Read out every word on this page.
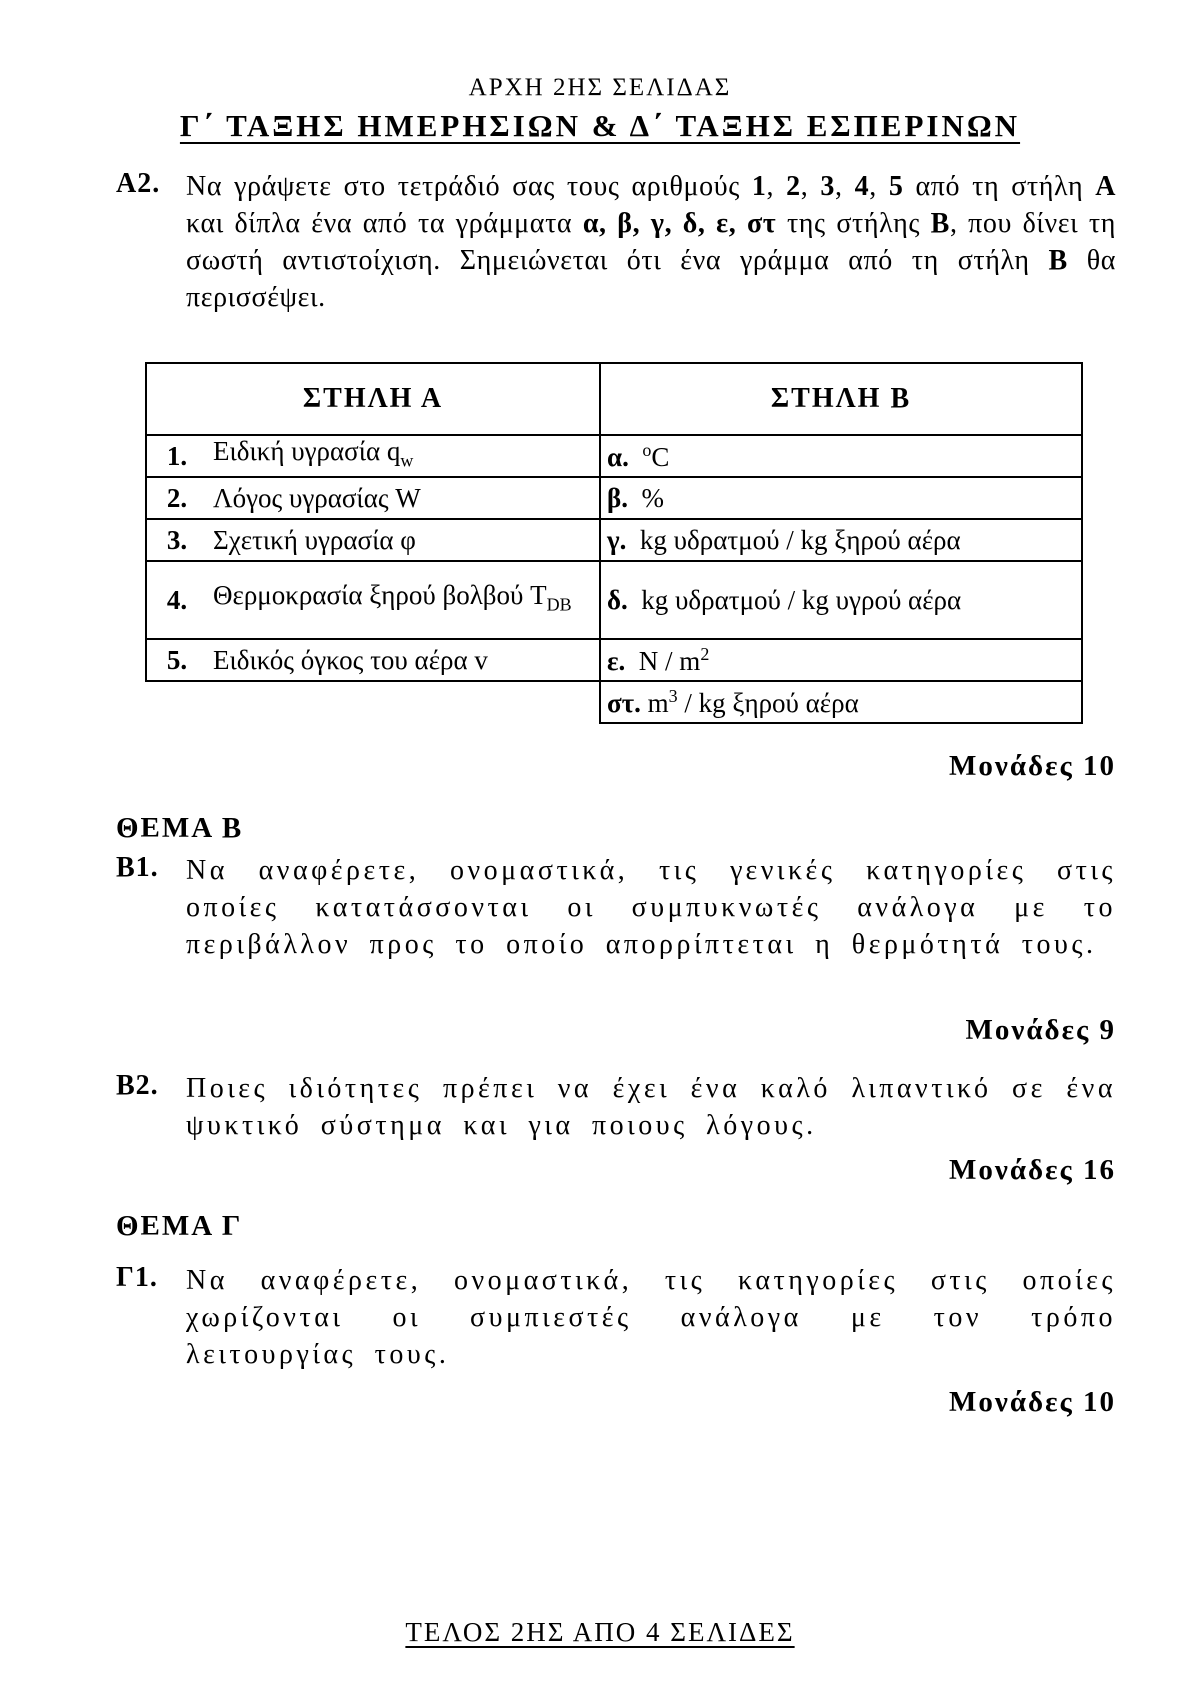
ΑΡΧΗ 2ΗΣ ΣΕΛΙΔΑΣ
Γ΄ ΤΑΞΗΣ ΗΜΕΡΗΣΙΩΝ & Δ΄ ΤΑΞΗΣ ΕΣΠΕΡΙΝΩΝ
Α2. Να γράψετε στο τετράδιό σας τους αριθμούς 1, 2, 3, 4, 5 από τη στήλη Α και δίπλα ένα από τα γράμματα α, β, γ, δ, ε, στ της στήλης Β, που δίνει τη σωστή αντιστοίχιση. Σημειώνεται ότι ένα γράμμα από τη στήλη Β θα περισσέψει.
ΣΤΗΛΗ Α		ΣΤΗΛΗ Β
1.	Ειδική υγρασία $q_w$	α. $^o$C
2.	Λόγος υγρασίας W	β. %
3.	Σχετική υγρασία φ	γ. kg υδρατμού / kg ξηρού αέρα
4.	Θερμοκρασία ξηρού βολβού $T_{DB}$	δ. kg υδρατμού / kg υγρού αέρα
5.	Ειδικός όγκος του αέρα v	ε. N / $m^2$
		στ. $m^3$ / kg ξηρού αέρα
Μονάδες 10
ΘΕΜΑ Β
Β1. Να αναφέρετε, ονομαστικά, τις γενικές κατηγορίες στις οποίες κατατάσσονται οι συμπυκνωτές ανάλογα με το περιβάλλον προς το οποίο απορρίπτεται η θερμότητά τους.
Μονάδες 9
Β2. Ποιες ιδιότητες πρέπει να έχει ένα καλό λιπαντικό σε ένα ψυκτικό σύστημα και για ποιους λόγους.
Μονάδες 16
ΘΕΜΑ Γ
Γ1. Να αναφέρετε, ονομαστικά, τις κατηγορίες στις οποίες χωρίζονται οι συμπιεστές ανάλογα με τον τρόπο λειτουργίας τους.
Μονάδες 10
ΤΕΛΟΣ 2ΗΣ ΑΠΟ 4 ΣΕΛΙΔΕΣ
